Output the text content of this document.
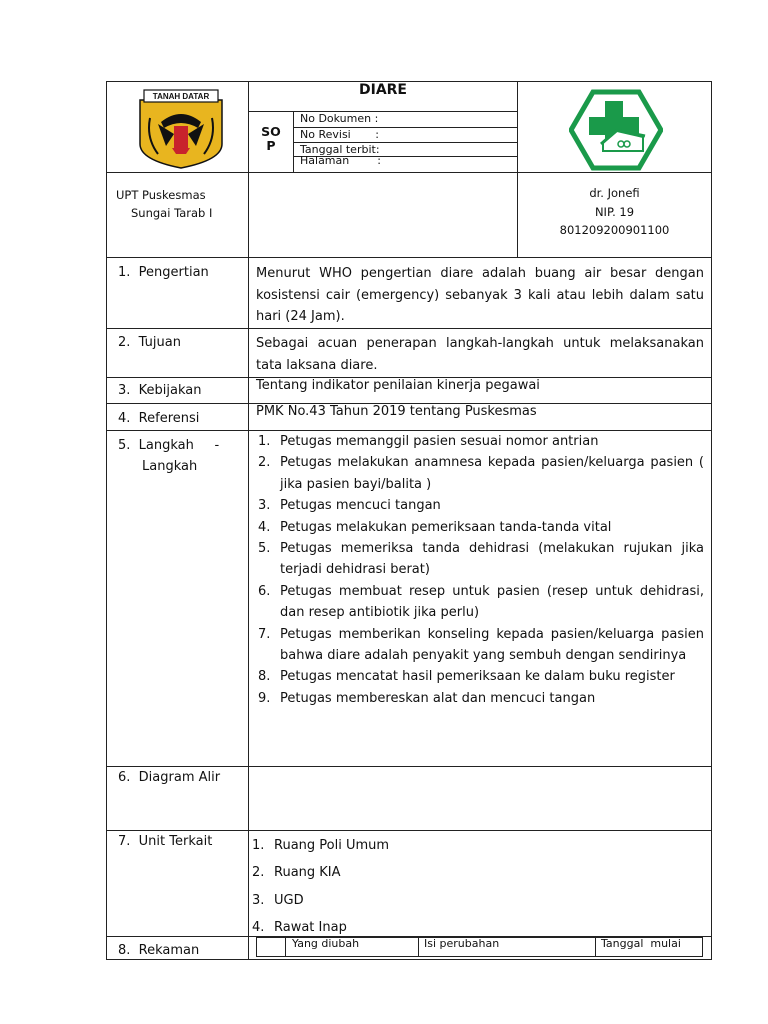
TANAH DATAR	DIARE
SO P
No Dokumen :
No Revisi       :
Tanggal terbit:
Halaman        :
UPT Puskesmas
Sungai Tarab I
dr. Jonefi
NIP. 19
801209200901100
1.  Pengertian	Menurut WHO pengertian diare adalah buang air besar dengan kosistensi cair (emergency) sebanyak 3 kali atau lebih dalam satu hari (24 Jam).
2.  Tujuan	Sebagai acuan penerapan langkah-langkah untuk melaksanakan tata laksana diare.
3.  Kebijakan	Tentang indikator penilaian kinerja pegawai
4.  Referensi	PMK No.43 Tahun 2019 tentang Puskesmas
5.  Langkah     -
Langkah
1. Petugas memanggil pasien sesuai nomor antrian
2. Petugas melakukan anamnesa kepada pasien/keluarga pasien ( jika pasien bayi/balita )
3. Petugas mencuci tangan
4. Petugas melakukan pemeriksaan tanda-tanda vital
5. Petugas memeriksa tanda dehidrasi (melakukan rujukan jika terjadi dehidrasi berat)
6. Petugas membuat resep untuk pasien (resep untuk dehidrasi, dan resep antibiotik jika perlu)
7. Petugas memberikan konseling kepada pasien/keluarga pasien bahwa diare adalah penyakit yang sembuh dengan sendirinya
8. Petugas mencatat hasil pemeriksaan ke dalam buku register
9. Petugas membereskan alat dan mencuci tangan
6.  Diagram Alir
7.  Unit Terkait	1. Ruang Poli Umum
2. Ruang KIA
3. UGD
4. Rawat Inap
8.  Rekaman	Yang diubah	Isi perubahan	Tanggal  mulai
